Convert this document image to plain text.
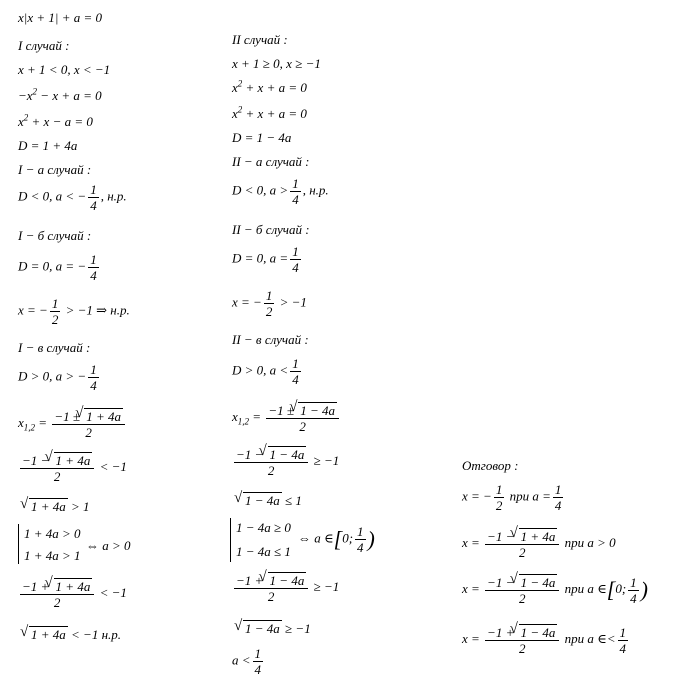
x|x + 1| + a = 0
I случай :
x + 1 < 0, x < −1
$-x^2 - x + a = 0$
$x^2 + x - a = 0$
D = 1 + 4a
I − a случай :
D < 0, a < − $\frac{1}{4}$ , н.р.
I − б случай :
D = 0, a = − $\frac{1}{4}$
x = − $\frac{1}{2} > -1$ ⇒ н.р.
I − в случай :
D > 0, a > − $\frac{1}{4}$
$x_{1,2} = \frac{-1 \pm √ 1 + 4a}{2}$
$\frac{-1 - √ 1 + 4a}{2} < -1$
√ 1 + 4a > 1
1 + 4a > 0
1 + 4a > 1
⇔ a > 0
$\frac{-1 + √ 1 + 4a}{2} < -1$
√ 1 + 4a < −1 н.р.
II случай :
x + 1 ≥ 0, x ≥ −1
$x^2 + x + a = 0$
$x^2 + x + a = 0$
D = 1 − 4a
II − a случай :
D < 0, $a > \frac{1}{4}$ , н.р.
II − б случай :
D = 0, $a = \frac{1}{4}$
x = − $\frac{1}{2} > -1$
II − в случай :
D > 0, $a < \frac{1}{4}$
$x_{1,2} = \frac{-1 \pm √ 1 - 4a}{2}$
$\frac{-1 - √ 1 - 4a}{2} \ge -1$
√ 1 − 4a ≤ 1
1 − 4a ≥ 0
1 − 4a ≤ 1
⇔ a ∈[0; $\frac{1}{4}$ )
$\frac{-1 + √ 1 - 4a}{2} \ge -1$
√ 1 − 4a ≥ −1
$a < \frac{1}{4}$
Отговор :
x = − $\frac{1}{2}$ при $a = \frac{1}{4}$
$x = \frac{-1 - √ 1 + 4a}{2}$ при a > 0
$x = \frac{-1 - √ 1 - 4a}{2}$ при a ∈[0; $\frac{1}{4}$ )
$x = \frac{-1 + √ 1 - 4a}{2}$ при a ∈< $\frac{1}{4}$
